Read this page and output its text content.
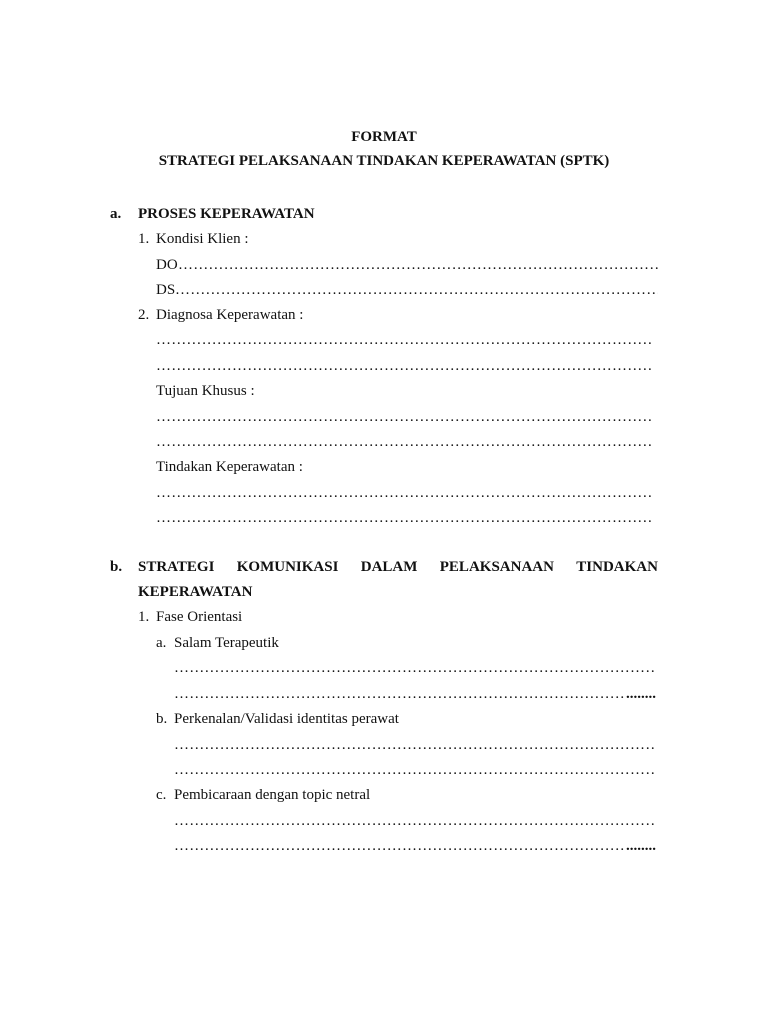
FORMAT
STRATEGI PELAKSANAAN TINDAKAN KEPERAWATAN (SPTK)
a. PROSES KEPERAWATAN
1. Kondisi Klien :
DO
……………………………………………………………………………………………………………………………………………………………………
DS
……………………………………………………………………………………………………………………………………………………………………
2. Diagnosa Keperawatan :
……………………………………………………………………………………………………………………………………………………………………
……………………………………………………………………………………………………………………………………………………………………
Tujuan Khusus :
……………………………………………………………………………………………………………………………………………………………………
……………………………………………………………………………………………………………………………………………………………………
Tindakan Keperawatan :
……………………………………………………………………………………………………………………………………………………………………
……………………………………………………………………………………………………………………………………………………………………
b. STRATEGI KOMUNIKASI DALAM PELAKSANAAN TINDAKAN
KEPERAWATAN
1. Fase Orientasi
a. Salam Terapeutik
……………………………………………………………………………………………………………………………………………………………………
……………………………………………………………………………………………………………………………………………………………………
........
b. Perkenalan/Validasi identitas perawat
……………………………………………………………………………………………………………………………………………………………………
……………………………………………………………………………………………………………………………………………………………………
c. Pembicaraan dengan topic netral
……………………………………………………………………………………………………………………………………………………………………
……………………………………………………………………………………………………………………………………………………………………
........
